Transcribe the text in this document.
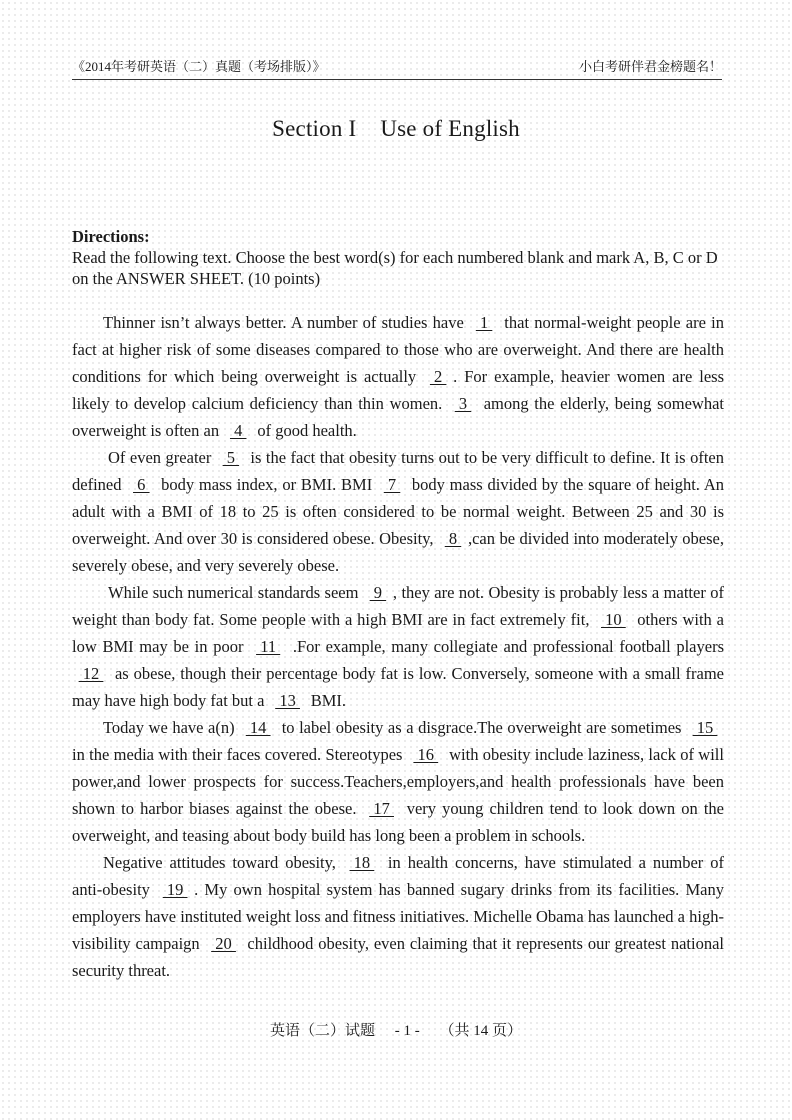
《2014年考研英语（二）真题（考场排版）》	小白考研伴君金榜题名！
Section I Use of English
Directions:
Read the following text. Choose the best word(s) for each numbered blank and mark A, B, C or D on the ANSWER SHEET. (10 points)

Thinner isn’t always better. A number of studies have  1  that normal-weight people are in fact at higher risk of some diseases compared to those who are overweight. And there are health conditions for which being overweight is actually  2 . For example, heavier women are less likely to develop calcium deficiency than thin women.  3  among the elderly, being somewhat overweight is often an  4  of good health.

Of even greater  5  is the fact that obesity turns out to be very difficult to define. It is often defined  6  body mass index, or BMI. BMI  7  body mass divided by the square of height. An adult with a BMI of 18 to 25 is often considered to be normal weight. Between 25 and 30 is overweight. And over 30 is considered obese. Obesity,  8 ,can be divided into moderately obese, severely obese, and very severely obese.

While such numerical standards seem  9 , they are not. Obesity is probably less a matter of weight than body fat. Some people with a high BMI are in fact extremely fit,  10  others with a low BMI may be in poor  11  .For example, many collegiate and professional football players  12  as obese, though their percentage body fat is low. Conversely, someone with a small frame may have high body fat but a  13  BMI.

Today we have a(n)  14  to label obesity as a disgrace.The overweight are sometimes  15  in the media with their faces covered. Stereotypes  16  with obesity include laziness, lack of will power,and lower prospects for success.Teachers,employers,and health professionals have been shown to harbor biases against the obese.  17  very young children tend to look down on the overweight, and teasing about body build has long been a problem in schools.

Negative attitudes toward obesity,  18  in health concerns, have stimulated a number of anti-obesity  19 . My own hospital system has banned sugary drinks from its facilities. Many employers have instituted weight loss and fitness initiatives. Michelle Obama has launched a high-visibility campaign  20  childhood obesity, even claiming that it represents our greatest national security threat.

英语（二）试题 - 1 - （共 14 页）
